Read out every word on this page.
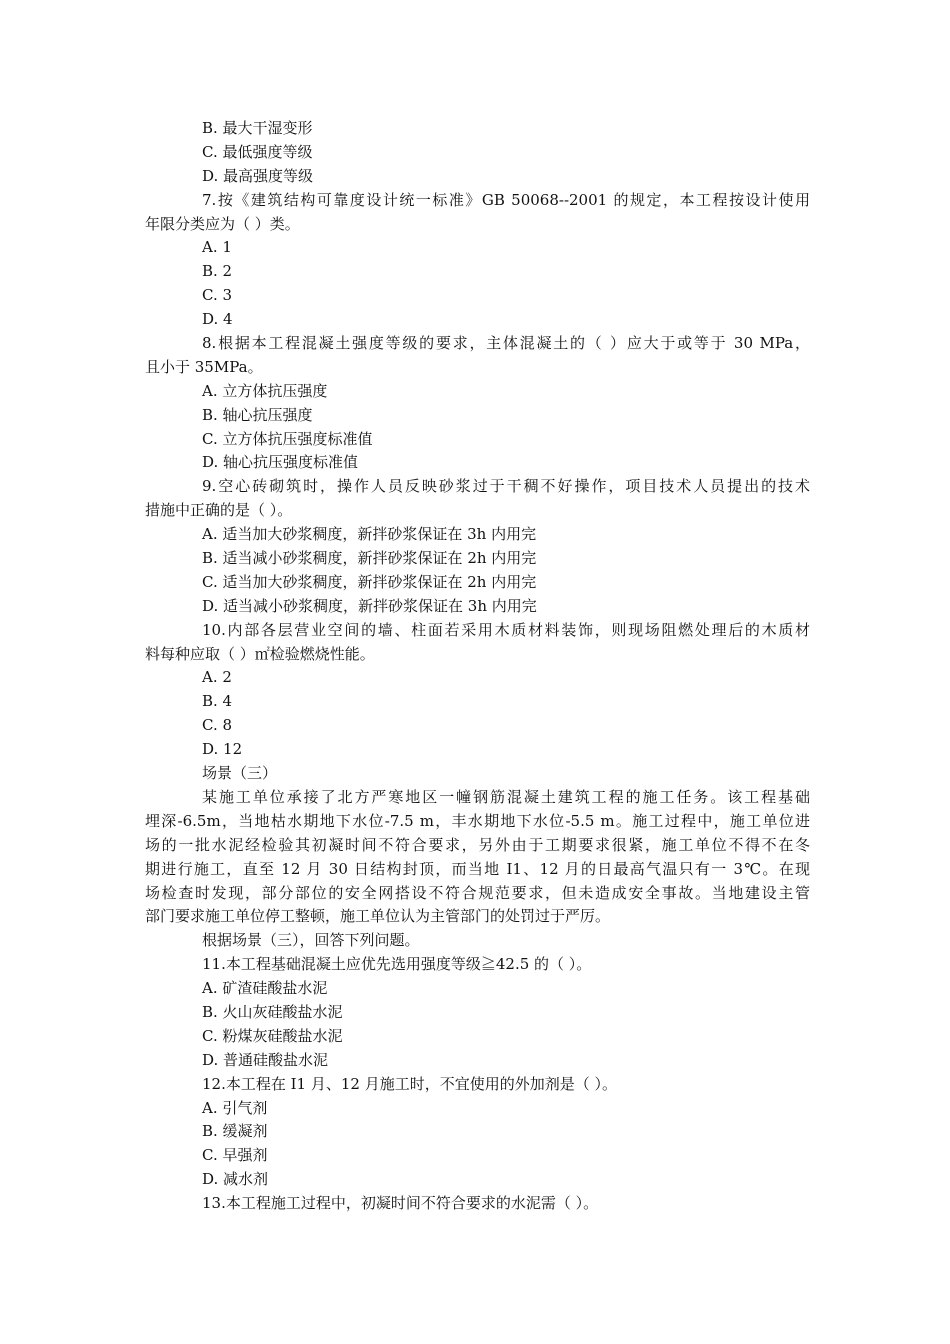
B. 最大干湿变形
C. 最低强度等级
D. 最高强度等级
7.按《建筑结构可靠度设计统一标准》GB 50068--2001 的规定，本工程按设计使用
年限分类应为（ ）类。
A. 1
B. 2
C. 3
D. 4
8.根据本工程混凝土强度等级的要求，主体混凝土的（ ）应大于或等于 30 MPa，
且小于 35MPa。
A. 立方体抗压强度
B. 轴心抗压强度
C. 立方体抗压强度标准值
D. 轴心抗压强度标准值
9.空心砖砌筑时，操作人员反映砂浆过于干稠不好操作，项目技术人员提出的技术
措施中正确的是（ ）。
A. 适当加大砂浆稠度，新拌砂浆保证在 3h 内用完
B. 适当减小砂浆稠度，新拌砂浆保证在 2h 内用完
C. 适当加大砂浆稠度，新拌砂浆保证在 2h 内用完
D. 适当减小砂浆稠度，新拌砂浆保证在 3h 内用完
10.内部各层营业空间的墙、柱面若采用木质材料装饰，则现场阻燃处理后的木质材
料每种应取（ ）㎡检验燃烧性能。
A. 2
B. 4
C. 8
D. 12
场景（三）
某施工单位承接了北方严寒地区一幢钢筋混凝土建筑工程的施工任务。该工程基础
埋深-6.5m，当地枯水期地下水位-7.5 m，丰水期地下水位-5.5 m。施工过程中，施工单位进
场的一批水泥经检验其初凝时间不符合要求，另外由于工期要求很紧，施工单位不得不在冬
期进行施工，直至 12 月 30 日结构封顶，而当地 I1、12 月的日最高气温只有一 3℃。在现
场检查时发现，部分部位的安全网搭设不符合规范要求，但未造成安全事故。当地建设主管
部门要求施工单位停工整顿，施工单位认为主管部门的处罚过于严厉。
根据场景（三），回答下列问题。
11.本工程基础混凝土应优先选用强度等级≧42.5 的（ ）。
A. 矿渣硅酸盐水泥
B. 火山灰硅酸盐水泥
C. 粉煤灰硅酸盐水泥
D. 普通硅酸盐水泥
12.本工程在 I1 月、12 月施工时，不宜使用的外加剂是（ ）。
A. 引气剂
B. 缓凝剂
C. 早强剂
D. 减水剂
13.本工程施工过程中，初凝时间不符合要求的水泥需（ ）。
